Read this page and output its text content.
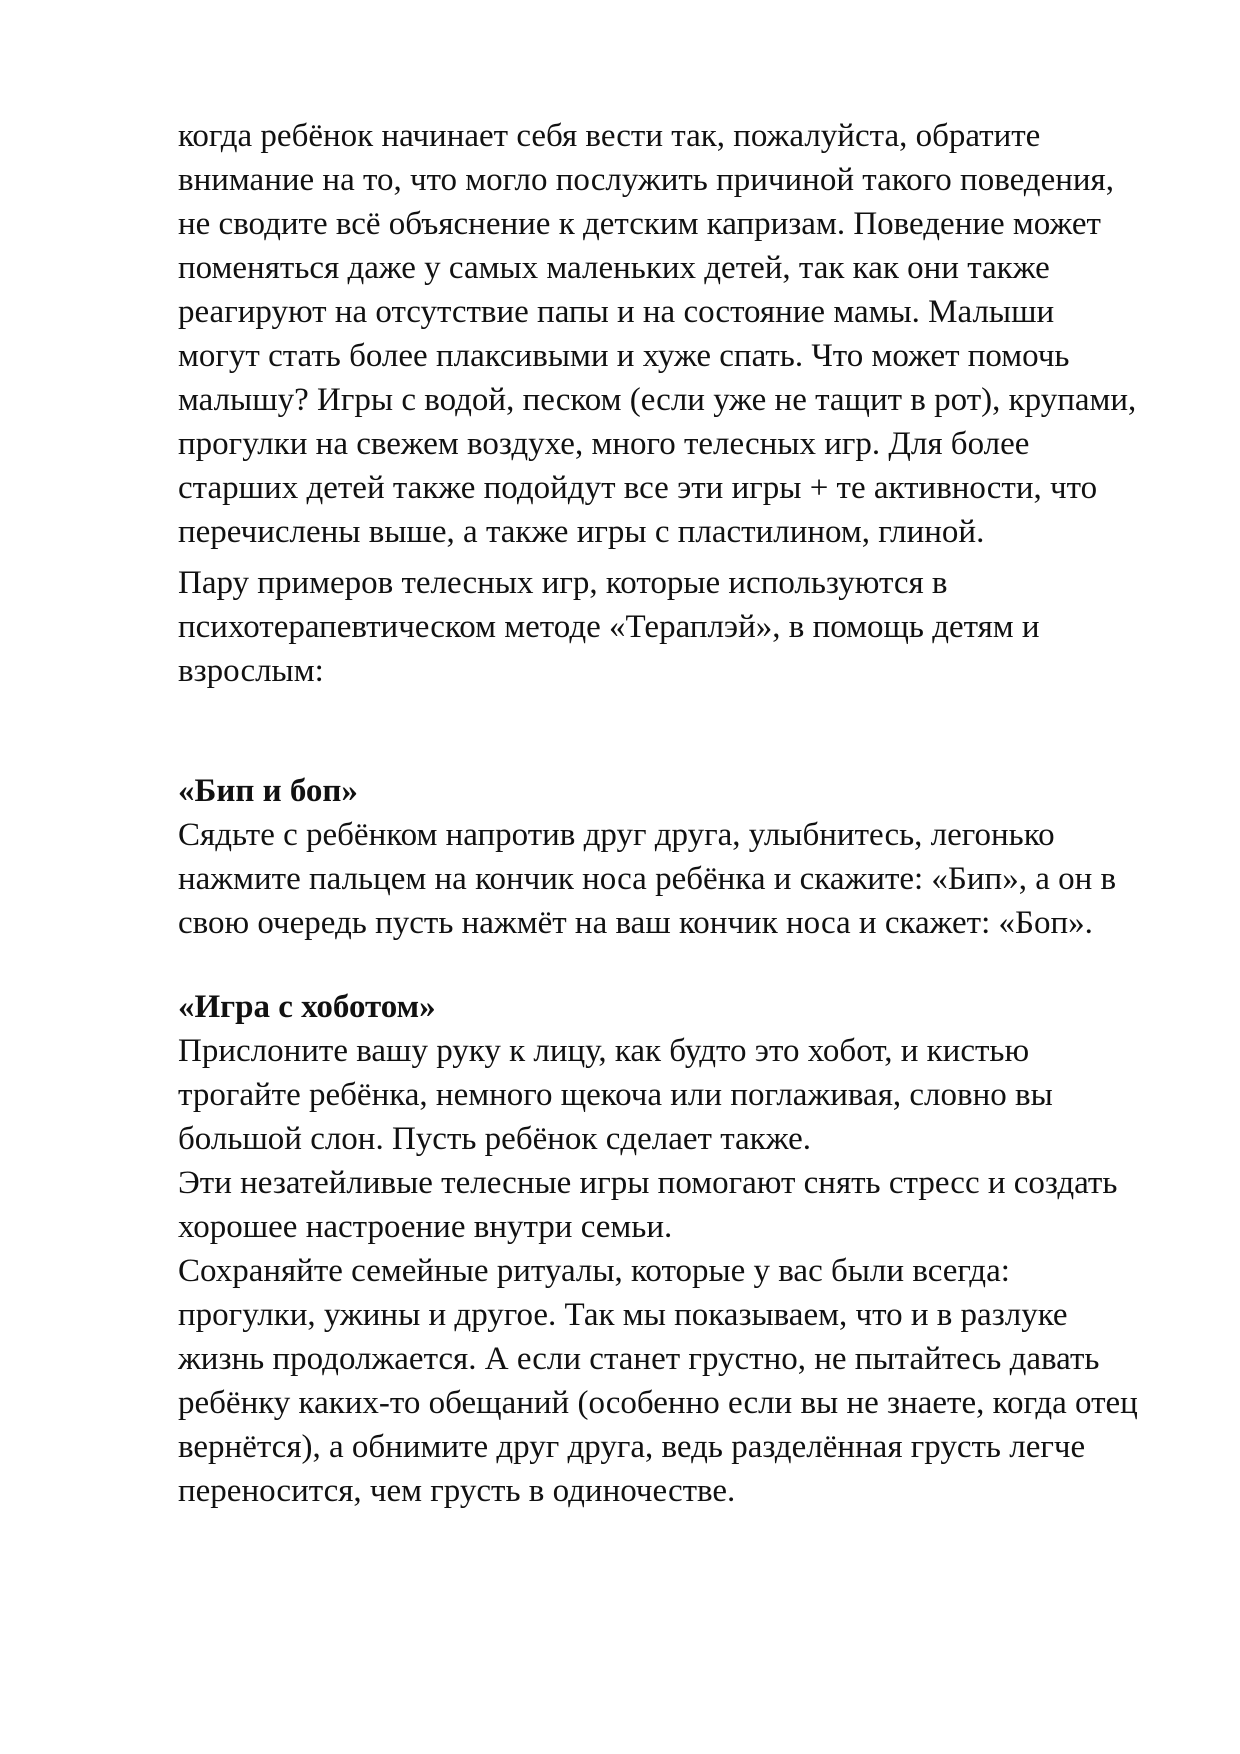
когда ребёнок начинает себя вести так, пожалуйста, обратите
внимание на то, что могло послужить причиной такого поведения,
не сводите всё объяснение к детским капризам. Поведение может
поменяться даже у самых маленьких детей, так как они также
реагируют на отсутствие папы и на состояние мамы. Малыши
могут стать более плаксивыми и хуже спать. Что может помочь
малышу? Игры с водой, песком (если уже не тащит в рот), крупами,
прогулки на свежем воздухе, много телесных игр. Для более
старших детей также подойдут все эти игры + те активности, что
перечислены выше, а также игры с пластилином, глиной.

Пару примеров телесных игр, которые используются в
психотерапевтическом методе «Тераплэй», в помощь детям и
взрослым:

«Бип и боп»

Сядьте с ребёнком напротив друг друга, улыбнитесь, легонько
нажмите пальцем на кончик носа ребёнка и скажите: «Бип», а он в
свою очередь пусть нажмёт на ваш кончик носа и скажет: «Боп».

«Игра с хоботом»

Прислоните вашу руку к лицу, как будто это хобот, и кистью
трогайте ребёнка, немного щекоча или поглаживая, словно вы
большой слон. Пусть ребёнок сделает также.

Эти незатейливые телесные игры помогают снять стресс и создать
хорошее настроение внутри семьи.

Сохраняйте семейные ритуалы, которые у вас были всегда:
прогулки, ужины и другое. Так мы показываем, что и в разлуке
жизнь продолжается. А если станет грустно, не пытайтесь давать
ребёнку каких-то обещаний (особенно если вы не знаете, когда отец
вернётся), а обнимите друг друга, ведь разделённая грусть легче
переносится, чем грусть в одиночестве.
